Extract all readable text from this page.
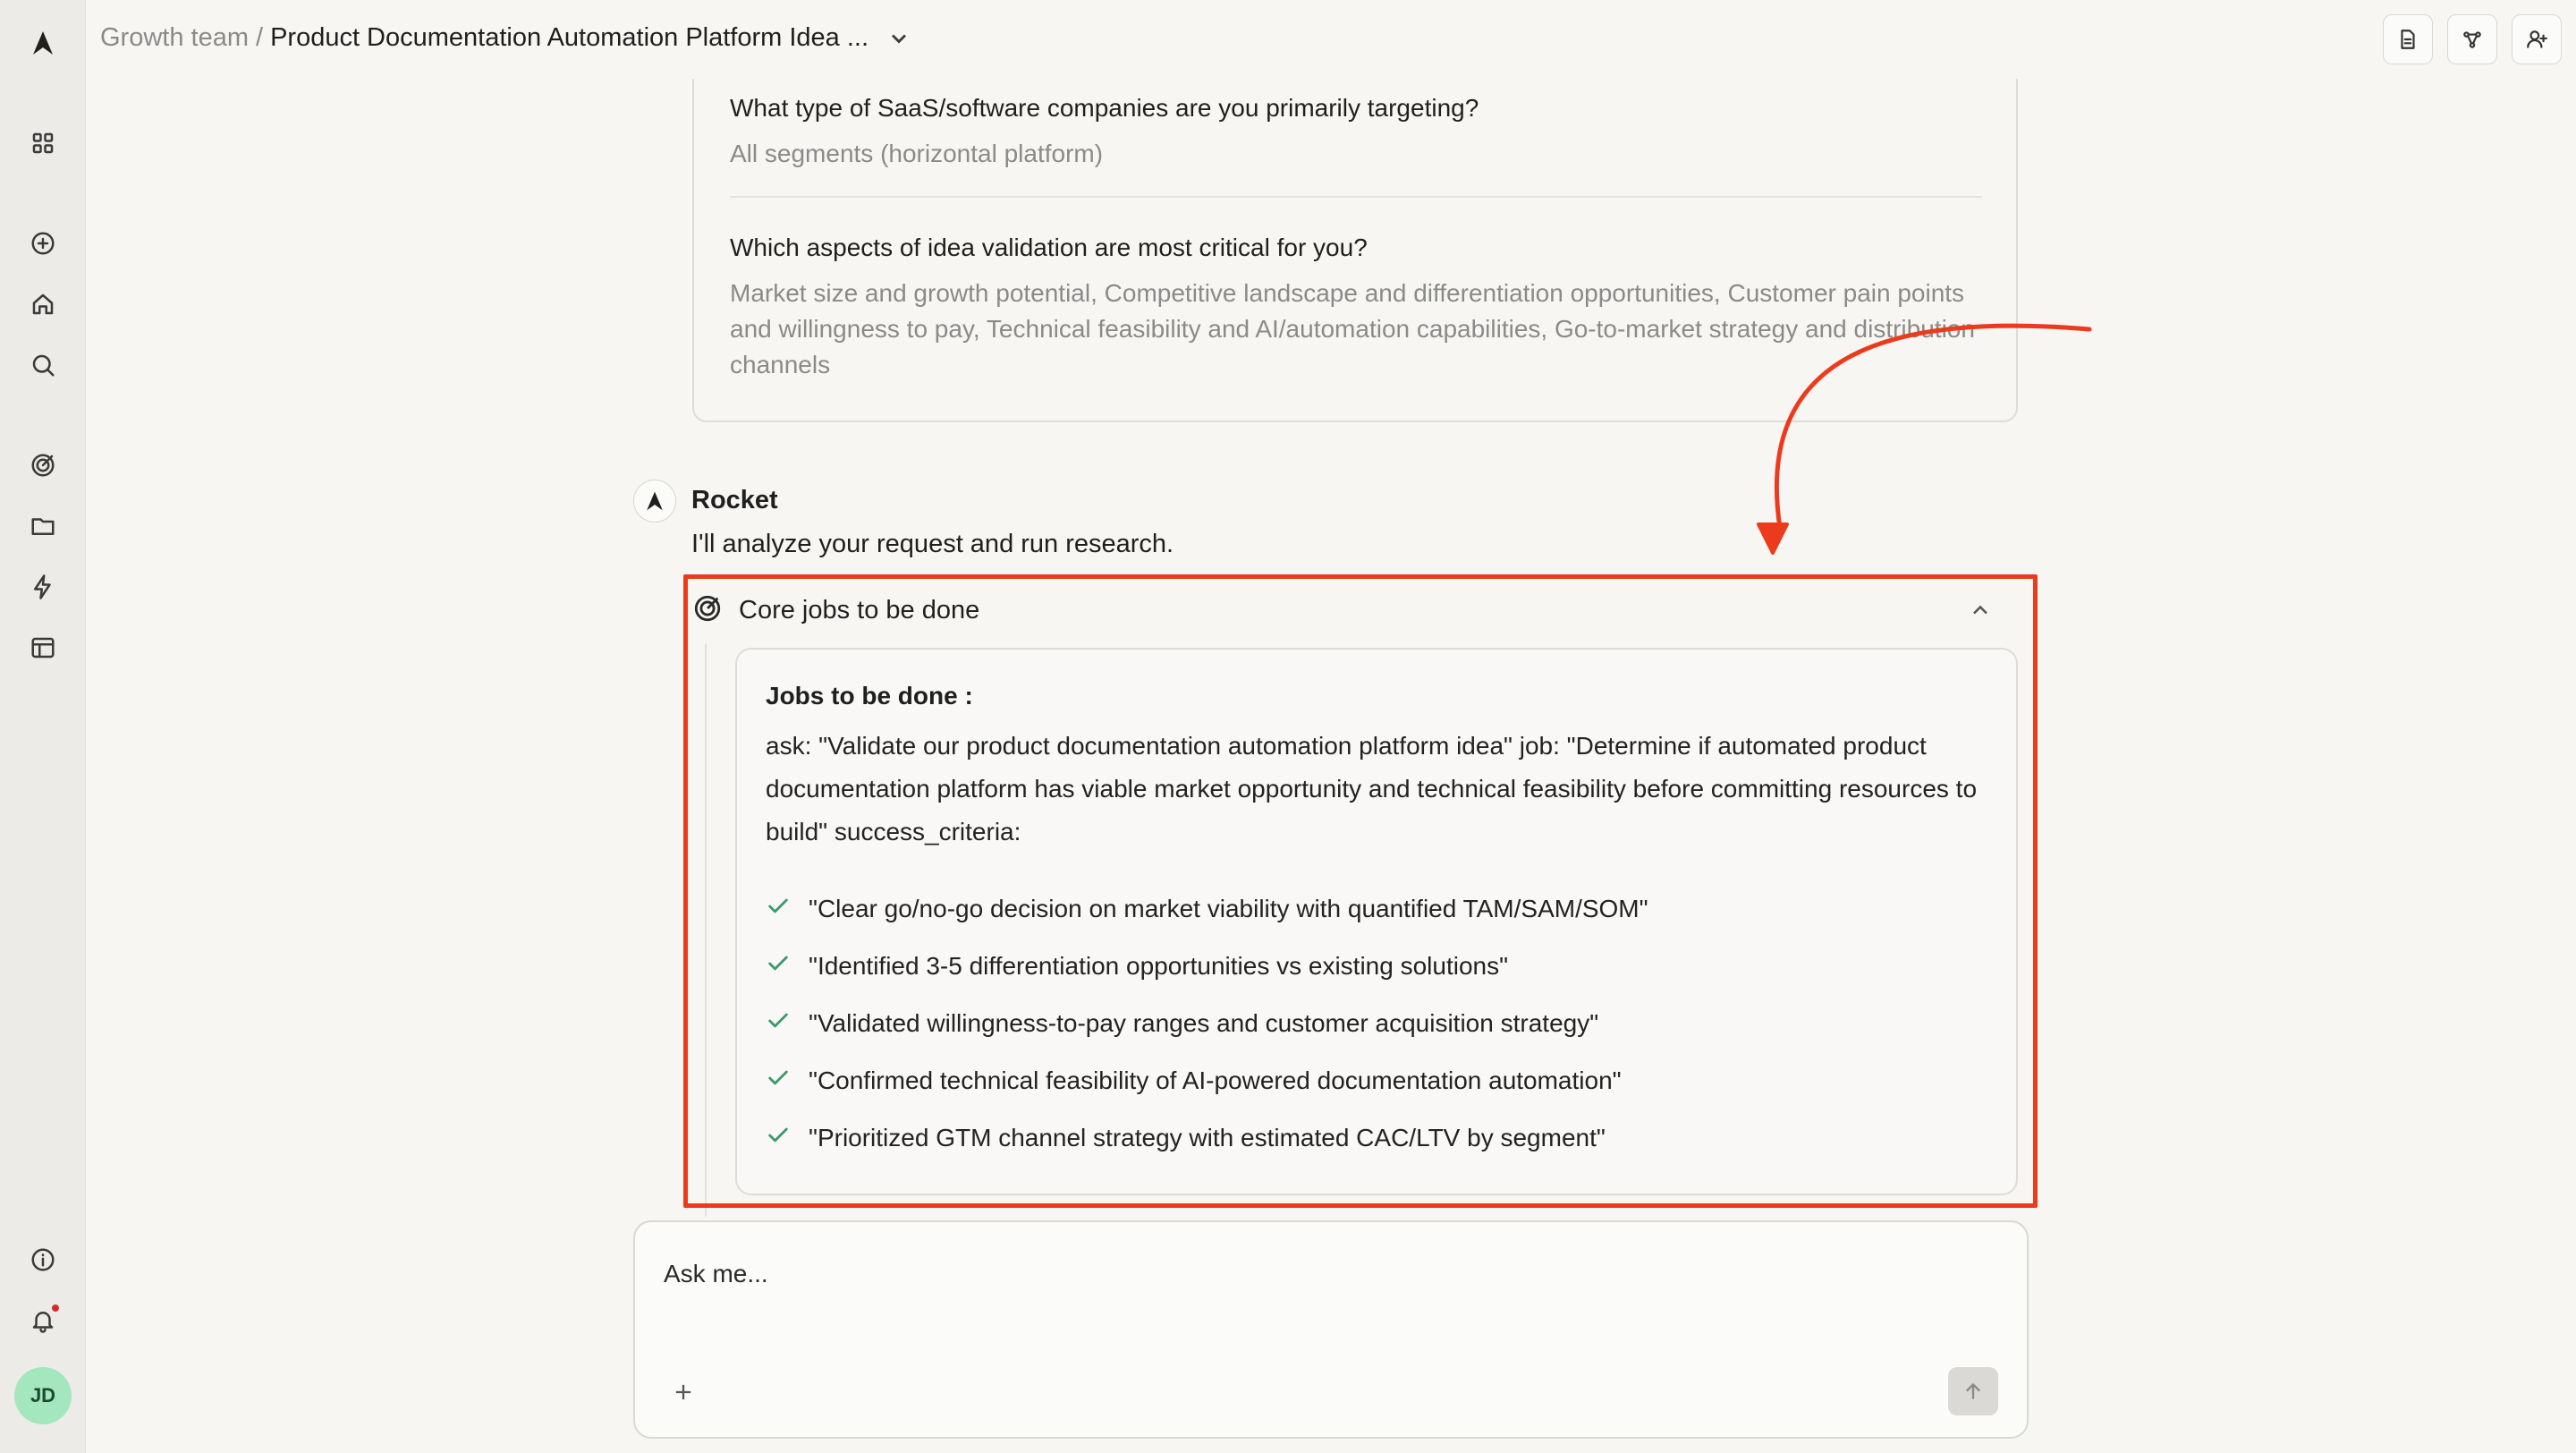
JD
Growth team / Product Documentation Automation Platform Idea ...
What type of SaaS/software companies are you primarily targeting?
All segments (horizontal platform)
Which aspects of idea validation are most critical for you?
Market size and growth potential, Competitive landscape and differentiation opportunities, Customer pain points and willingness to pay, Technical feasibility and AI/automation capabilities, Go-to-market strategy and distribution channels
Rocket
I'll analyze your request and run research.
Core jobs to be done
Jobs to be done :
ask: "Validate our product documentation automation platform idea" job: "Determine if automated product documentation platform has viable market opportunity and technical feasibility before committing resources to build" success_criteria:
"Clear go/no-go decision on market viability with quantified TAM/SAM/SOM"
"Identified 3-5 differentiation opportunities vs existing solutions"
"Validated willingness-to-pay ranges and customer acquisition strategy"
"Confirmed technical feasibility of AI-powered documentation automation"
"Prioritized GTM channel strategy with estimated CAC/LTV by segment"
Ask me...
